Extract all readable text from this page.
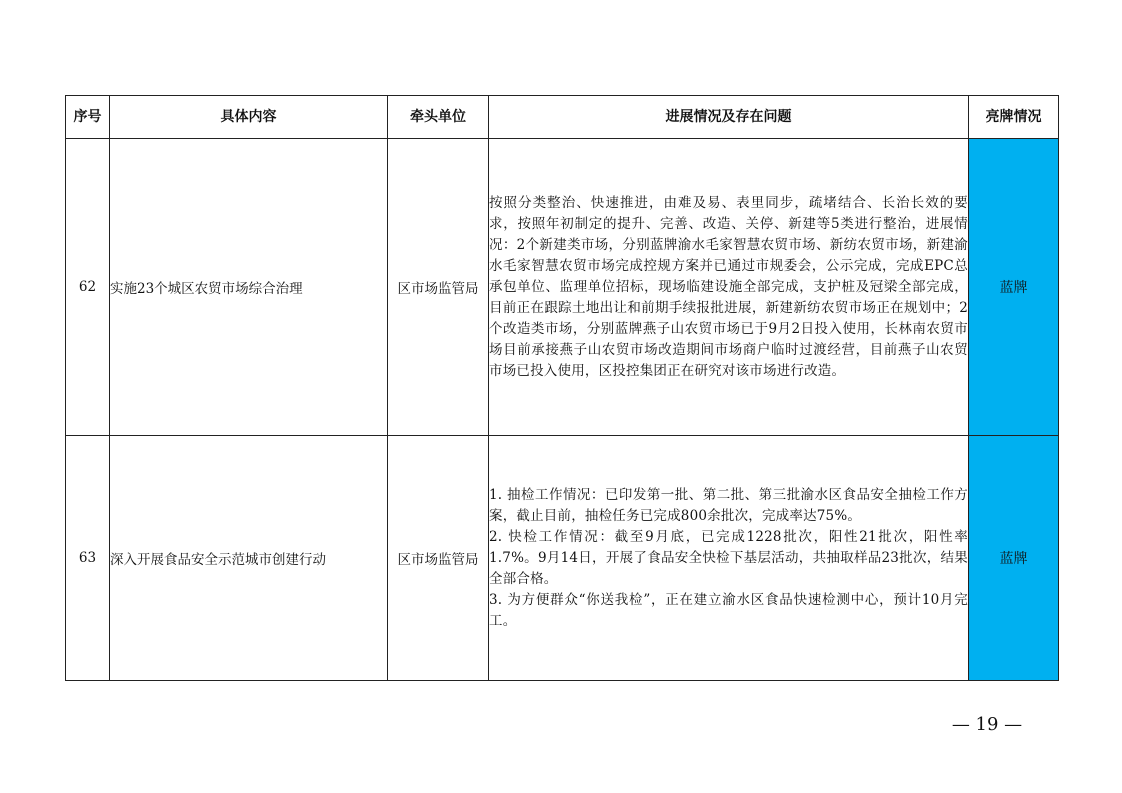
序号	具体内容	牵头单位	进展情况及存在问题	亮牌情况
62	实施23个城区农贸市场综合治理	区市场监管局	按照分类整治、快速推进，由难及易、表里同步，疏堵结合、长治长效的要求，按照年初制定的提升、完善、改造、关停、新建等5类进行整治，进展情况：2个新建类市场，分别蓝牌渝水毛家智慧农贸市场、新纺农贸市场，新建渝水毛家智慧农贸市场完成控规方案并已通过市规委会，公示完成，完成EPC总承包单位、监理单位招标，现场临建设施全部完成，支护桩及冠梁全部完成，目前正在跟踪土地出让和前期手续报批进展，新建新纺农贸市场正在规划中；2个改造类市场，分别蓝牌燕子山农贸市场已于9月2日投入使用，长林南农贸市场目前承接燕子山农贸市场改造期间市场商户临时过渡经营，目前燕子山农贸市场已投入使用，区投控集团正在研究对该市场进行改造。	蓝牌
63	深入开展食品安全示范城市创建行动	区市场监管局	1. 抽检工作情况：已印发第一批、第二批、第三批渝水区食品安全抽检工作方案，截止目前，抽检任务已完成800余批次，完成率达75%。

2. 快检工作情况：截至9月底，已完成1228批次，阳性21批次，阳性率1.7%。9月14日，开展了食品安全快检下基层活动，共抽取样品23批次，结果全部合格。

3. 为方便群众“你送我检”，正在建立渝水区食品快速检测中心，预计10月完工。	蓝牌
— 19 —
